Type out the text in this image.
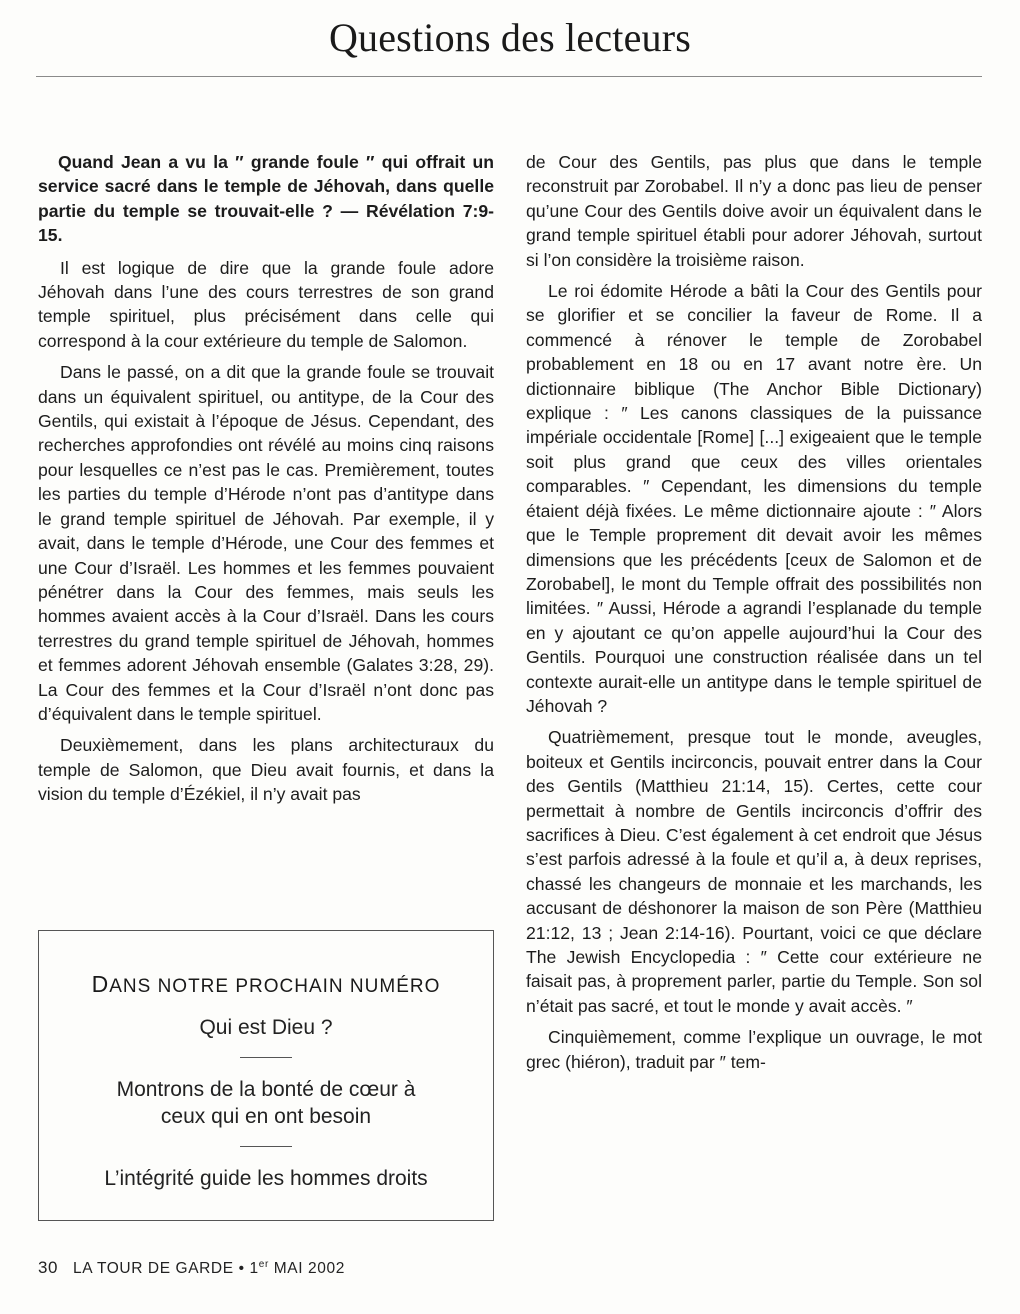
Questions des lecteurs

Quand Jean a vu la ″ grande foule ″ qui offrait un service sacré dans le temple de Jéhovah, dans quelle partie du temple se trouvait-elle ? — Révélation 7:9-15.

Il est logique de dire que la grande foule adore Jéhovah dans l’une des cours terrestres de son grand temple spirituel, plus précisément dans celle qui correspond à la cour extérieure du temple de Salomon.

Dans le passé, on a dit que la grande foule se trouvait dans un équivalent spirituel, ou antitype, de la Cour des Gentils, qui existait à l’époque de Jésus. Cependant, des recherches approfondies ont révélé au moins cinq raisons pour lesquelles ce n’est pas le cas. Premièrement, toutes les parties du temple d’Hérode n’ont pas d’antitype dans le grand temple spirituel de Jéhovah. Par exemple, il y avait, dans le temple d’Hérode, une Cour des femmes et une Cour d’Israël. Les hommes et les femmes pouvaient pénétrer dans la Cour des femmes, mais seuls les hommes avaient accès à la Cour d’Israël. Dans les cours terrestres du grand temple spirituel de Jéhovah, hommes et femmes adorent Jéhovah ensemble (Galates 3:28, 29). La Cour des femmes et la Cour d’Israël n’ont donc pas d’équivalent dans le temple spirituel.

Deuxièmement, dans les plans architecturaux du temple de Salomon, que Dieu avait fournis, et dans la vision du temple d’Ézékiel, il n’y avait pas

DANS NOTRE PROCHAIN NUMÉRO
Qui est Dieu ?
Montrons de la bonté de cœur à ceux qui en ont besoin
L’intégrité guide les hommes droits

de Cour des Gentils, pas plus que dans le temple reconstruit par Zorobabel. Il n’y a donc pas lieu de penser qu’une Cour des Gentils doive avoir un équivalent dans le grand temple spirituel établi pour adorer Jéhovah, surtout si l’on considère la troisième raison.

Le roi édomite Hérode a bâti la Cour des Gentils pour se glorifier et se concilier la faveur de Rome. Il a commencé à rénover le temple de Zorobabel probablement en 18 ou en 17 avant notre ère. Un dictionnaire biblique (The Anchor Bible Dictionary) explique : ″ Les canons classiques de la puissance impériale occidentale [Rome] [...] exigeaient que le temple soit plus grand que ceux des villes orientales comparables. ″ Cependant, les dimensions du temple étaient déjà fixées. Le même dictionnaire ajoute : ″ Alors que le Temple proprement dit devait avoir les mêmes dimensions que les précédents [ceux de Salomon et de Zorobabel], le mont du Temple offrait des possibilités non limitées. ″ Aussi, Hérode a agrandi l’esplanade du temple en y ajoutant ce qu’on appelle aujourd’hui la Cour des Gentils. Pourquoi une construction réalisée dans un tel contexte aurait-elle un antitype dans le temple spirituel de Jéhovah ?

Quatrièmement, presque tout le monde, aveugles, boiteux et Gentils incirconcis, pouvait entrer dans la Cour des Gentils (Matthieu 21:14, 15). Certes, cette cour permettait à nombre de Gentils incirconcis d’offrir des sacrifices à Dieu. C’est également à cet endroit que Jésus s’est parfois adressé à la foule et qu’il a, à deux reprises, chassé les changeurs de monnaie et les marchands, les accusant de déshonorer la maison de son Père (Matthieu 21:12, 13 ; Jean 2:14-16). Pourtant, voici ce que déclare The Jewish Encyclopedia : ″ Cette cour extérieure ne faisait pas, à proprement parler, partie du Temple. Son sol n’était pas sacré, et tout le monde y avait accès. ″

Cinquièmement, comme l’explique un ouvrage, le mot grec (hiéron), traduit par ″ tem-

30 LA TOUR DE GARDE • 1er MAI 2002
